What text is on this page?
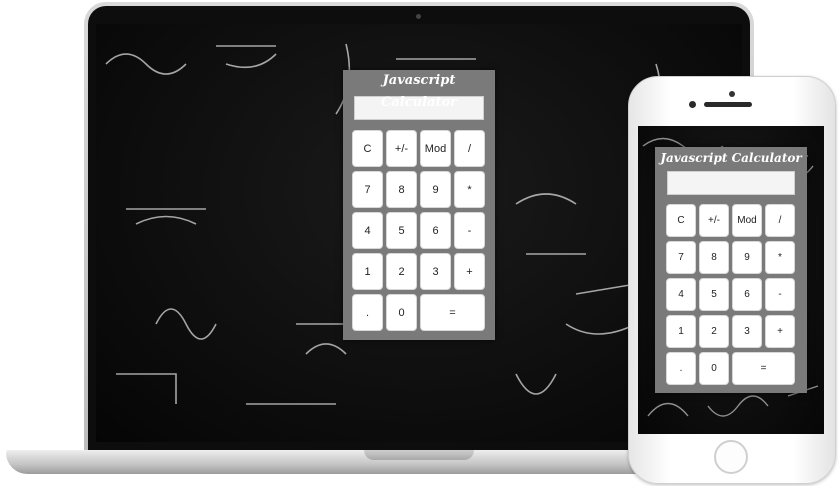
Javascript Calculator
C	+/-	Mod	/
7	8	9	*
4	5	6	-
1	2	3	+
.	0	=
Javascript Calculator
C	+/-	Mod	/
7	8	9	*
4	5	6	-
1	2	3	+
.	0	=
